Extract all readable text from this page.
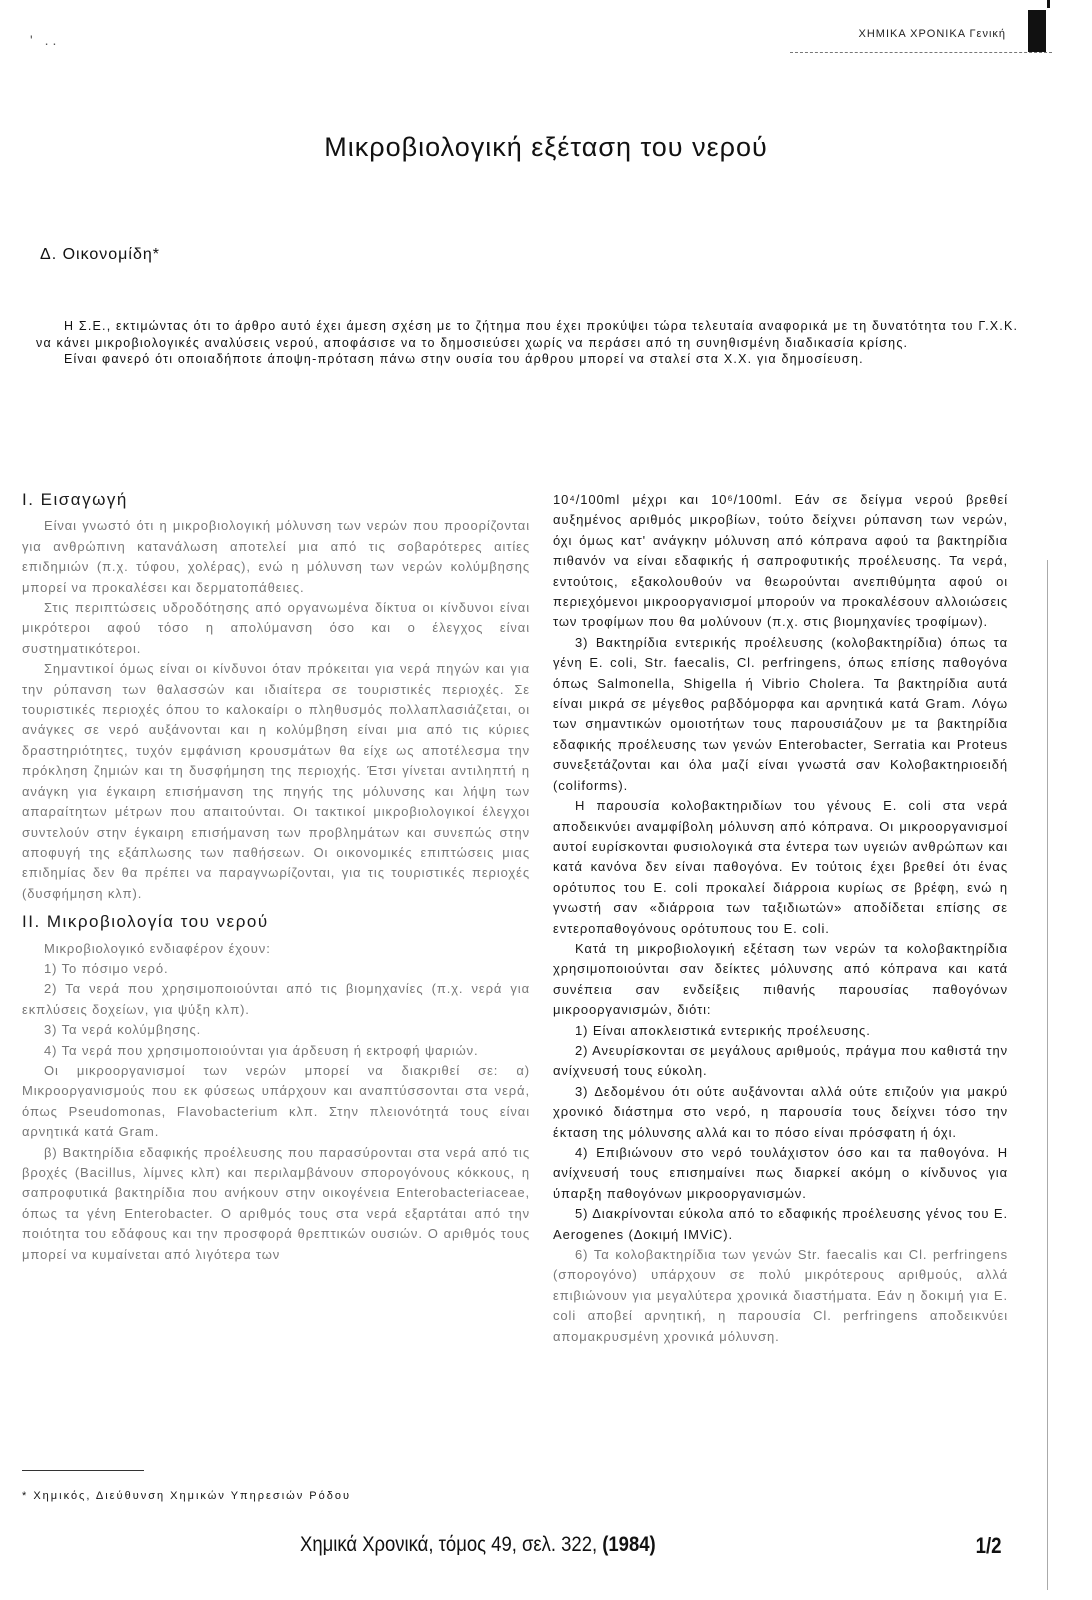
' ..	ΧΗΜΙΚΑ ΧΡΟΝΙΚΑ Γενική
Μικροβιολογική εξέταση του νερού
Δ. Οικονομίδη*

Η Σ.Ε., εκτιμώντας ότι το άρθρο αυτό έχει άμεση σχέση με το ζήτημα που έχει προκύψει τώρα τελευταία αναφορικά με τη δυνατότητα του Γ.Χ.Κ. να κάνει μικροβιολογικές αναλύσεις νερού, αποφάσισε να το δημοσιεύσει χωρίς να περάσει από τη συνηθισμένη διαδικασία κρίσης.

Είναι φανερό ότι οποιαδήποτε άποψη-πρόταση πάνω στην ουσία του άρθρου μπορεί να σταλεί στα Χ.Χ. για δημοσίευση.

Ι. Εισαγωγή

Είναι γνωστό ότι η μικροβιολογική μόλυνση των νερών που προορίζονται για ανθρώπινη κατανάλωση αποτελεί μια από τις σοβαρότερες αιτίες επιδημιών (π.χ. τύφου, χολέρας), ενώ η μόλυνση των νερών κολύμβησης μπορεί να προκαλέσει και δερματοπάθειες.

Στις περιπτώσεις υδροδότησης από οργανωμένα δίκτυα οι κίνδυνοι είναι μικρότεροι αφού τόσο η απολύμανση όσο και ο έλεγχος είναι συστηματικότεροι.

Σημαντικοί όμως είναι οι κίνδυνοι όταν πρόκειται για νερά πηγών και για την ρύπανση των θαλασσών και ιδιαίτερα σε τουριστικές περιοχές. Σε τουριστικές περιοχές όπου το καλοκαίρι ο πληθυσμός πολλαπλασιάζεται, οι ανάγκες σε νερό αυξάνονται και η κολύμβηση είναι μια από τις κύριες δραστηριότητες, τυχόν εμφάνιση κρουσμάτων θα είχε ως αποτέλεσμα την πρόκληση ζημιών και τη δυσφήμηση της περιοχής. Έτσι γίνεται αντιληπτή η ανάγκη για έγκαιρη επισήμανση της πηγής της μόλυνσης και λήψη των απαραίτητων μέτρων που απαιτούνται. Οι τακτικοί μικροβιολογικοί έλεγχοι συντελούν στην έγκαιρη επισήμανση των προβλημάτων και συνεπώς στην αποφυγή της εξάπλωσης των παθήσεων. Οι οικονομικές επιπτώσεις μιας επιδημίας δεν θα πρέπει να παραγνωρίζονται, για τις τουριστικές περιοχές (δυσφήμηση κλπ).

ΙΙ. Μικροβιολογία του νερού

Μικροβιολογικό ενδιαφέρον έχουν:

1) Το πόσιμο νερό.

2) Τα νερά που χρησιμοποιούνται από τις βιομηχανίες (π.χ. νερά για εκπλύσεις δοχείων, για ψύξη κλπ).

3) Τα νερά κολύμβησης.

4) Τα νερά που χρησιμοποιούνται για άρδευση ή εκτροφή ψαριών.

Οι μικροοργανισμοί των νερών μπορεί να διακριθεί σε: α) Μικροοργανισμούς που εκ φύσεως υπάρχουν και αναπτύσσονται στα νερά, όπως Pseudomonas, Flavobacterium κλπ. Στην πλειονότητά τους είναι αρνητικά κατά Gram.

β) Βακτηρίδια εδαφικής προέλευσης που παρασύρονται στα νερά από τις βροχές (Bacillus, λίμνες κλπ) και περιλαμβάνουν σπορογόνους κόκκους, η σαπροφυτικά βακτηρίδια που ανήκουν στην οικογένεια Enterobacteriaceae, όπως τα γένη Enterobacter. Ο αριθμός τους στα νερά εξαρτάται από την ποιότητα του εδάφους και την προσφορά θρεπτικών ουσιών. Ο αριθμός τους μπορεί να κυμαίνεται από λιγότερα των

10⁴/100ml μέχρι και 10⁶/100ml. Εάν σε δείγμα νερού βρεθεί αυξημένος αριθμός μικροβίων, τούτο δείχνει ρύπανση των νερών, όχι όμως κατ' ανάγκην μόλυνση από κόπρανα αφού τα βακτηρίδια πιθανόν να είναι εδαφικής ή σαπροφυτικής προέλευσης. Τα νερά, εντούτοις, εξακολουθούν να θεωρούνται ανεπιθύμητα αφού οι περιεχόμενοι μικροοργανισμοί μπορούν να προκαλέσουν αλλοιώσεις των τροφίμων που θα μολύνουν (π.χ. στις βιομηχανίες τροφίμων).

3) Βακτηρίδια εντερικής προέλευσης (κολοβακτηρίδια) όπως τα γένη E. coli, Str. faecalis, Cl. perfringens, όπως επίσης παθογόνα όπως Salmonella, Shigella ή Vibrio Cholera. Τα βακτηρίδια αυτά είναι μικρά σε μέγεθος ραβδόμορφα και αρνητικά κατά Gram. Λόγω των σημαντικών ομοιοτήτων τους παρουσιάζουν με τα βακτηρίδια εδαφικής προέλευσης των γενών Enterobacter, Serratia και Proteus συνεξετάζονται και όλα μαζί είναι γνωστά σαν Κολοβακτηριοειδή (coliforms).

Η παρουσία κολοβακτηριδίων του γένους E. coli στα νερά αποδεικνύει αναμφίβολη μόλυνση από κόπρανα. Οι μικροοργανισμοί αυτοί ευρίσκονται φυσιολογικά στα έντερα των υγειών ανθρώπων και κατά κανόνα δεν είναι παθογόνα. Εν τούτοις έχει βρεθεί ότι ένας ορότυπος του E. coli προκαλεί διάρροια κυρίως σε βρέφη, ενώ η γνωστή σαν «διάρροια των ταξιδιωτών» αποδίδεται επίσης σε εντεροπαθογόνους ορότυπους του E. coli.

Κατά τη μικροβιολογική εξέταση των νερών τα κολοβακτηρίδια χρησιμοποιούνται σαν δείκτες μόλυνσης από κόπρανα και κατά συνέπεια σαν ενδείξεις πιθανής παρουσίας παθογόνων μικροοργανισμών, διότι:

1) Είναι αποκλειστικά εντερικής προέλευσης.

2) Ανευρίσκονται σε μεγάλους αριθμούς, πράγμα που καθιστά την ανίχνευσή τους εύκολη.

3) Δεδομένου ότι ούτε αυξάνονται αλλά ούτε επιζούν για μακρύ χρονικό διάστημα στο νερό, η παρουσία τους δείχνει τόσο την έκταση της μόλυνσης αλλά και το πόσο είναι πρόσφατη ή όχι.

4) Επιβιώνουν στο νερό τουλάχιστον όσο και τα παθογόνα. Η ανίχνευσή τους επισημαίνει πως διαρκεί ακόμη ο κίνδυνος για ύπαρξη παθογόνων μικροοργανισμών.

5) Διακρίνονται εύκολα από το εδαφικής προέλευσης γένος του E. Aerogenes (Δοκιμή IMViC).

6) Τα κολοβακτηρίδια των γενών Str. faecalis και Cl. perfringens (σπορογόνο) υπάρχουν σε πολύ μικρότερους αριθμούς, αλλά επιβιώνουν για μεγαλύτερα χρονικά διαστήματα. Εάν η δοκιμή για E. coli αποβεί αρνητική, η παρουσία Cl. perfringens αποδεικνύει απομακρυσμένη χρονικά μόλυνση.

* Χημικός, Διεύθυνση Χημικών Υπηρεσιών Ρόδου
Χημικά Χρονικά, τόμος 49, σελ. 322, (1984)	1/2
